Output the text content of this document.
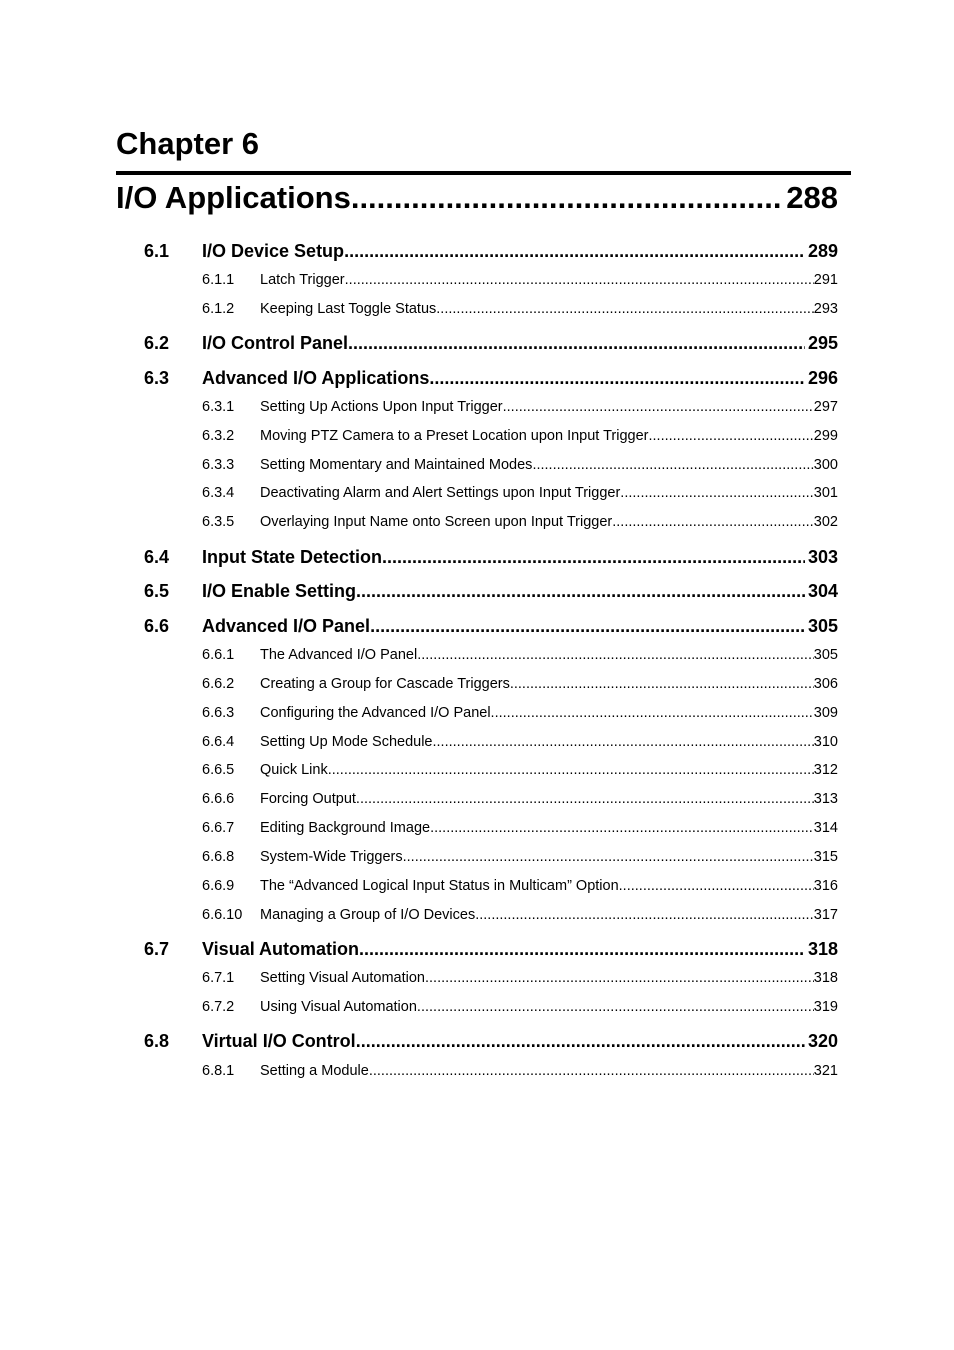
Chapter 6
I/O Applications .....	288
6.1 I/O Device Setup .....	289
6.1.1 Latch Trigger .....	291
6.1.2 Keeping Last Toggle Status .....	293
6.2 I/O Control Panel .....	295
6.3 Advanced I/O Applications .....	296
6.3.1 Setting Up Actions Upon Input Trigger .....	297
6.3.2 Moving PTZ Camera to a Preset Location upon Input Trigger .....	299
6.3.3 Setting Momentary and Maintained Modes .....	300
6.3.4 Deactivating Alarm and Alert Settings upon Input Trigger .....	301
6.3.5 Overlaying Input Name onto Screen upon Input Trigger .....	302
6.4 Input State Detection .....	303
6.5 I/O Enable Setting .....	304
6.6 Advanced I/O Panel .....	305
6.6.1 The Advanced I/O Panel .....	305
6.6.2 Creating a Group for Cascade Triggers .....	306
6.6.3 Configuring the Advanced I/O Panel .....	309
6.6.4 Setting Up Mode Schedule .....	310
6.6.5 Quick Link .....	312
6.6.6 Forcing Output .....	313
6.6.7 Editing Background Image .....	314
6.6.8 System-Wide Triggers .....	315
6.6.9 The “Advanced Logical Input Status in Multicam” Option .....	316
6.6.10 Managing a Group of I/O Devices .....	317
6.7 Visual Automation .....	318
6.7.1 Setting Visual Automation .....	318
6.7.2 Using Visual Automation .....	319
6.8 Virtual I/O Control .....	320
6.8.1 Setting a Module .....	321
